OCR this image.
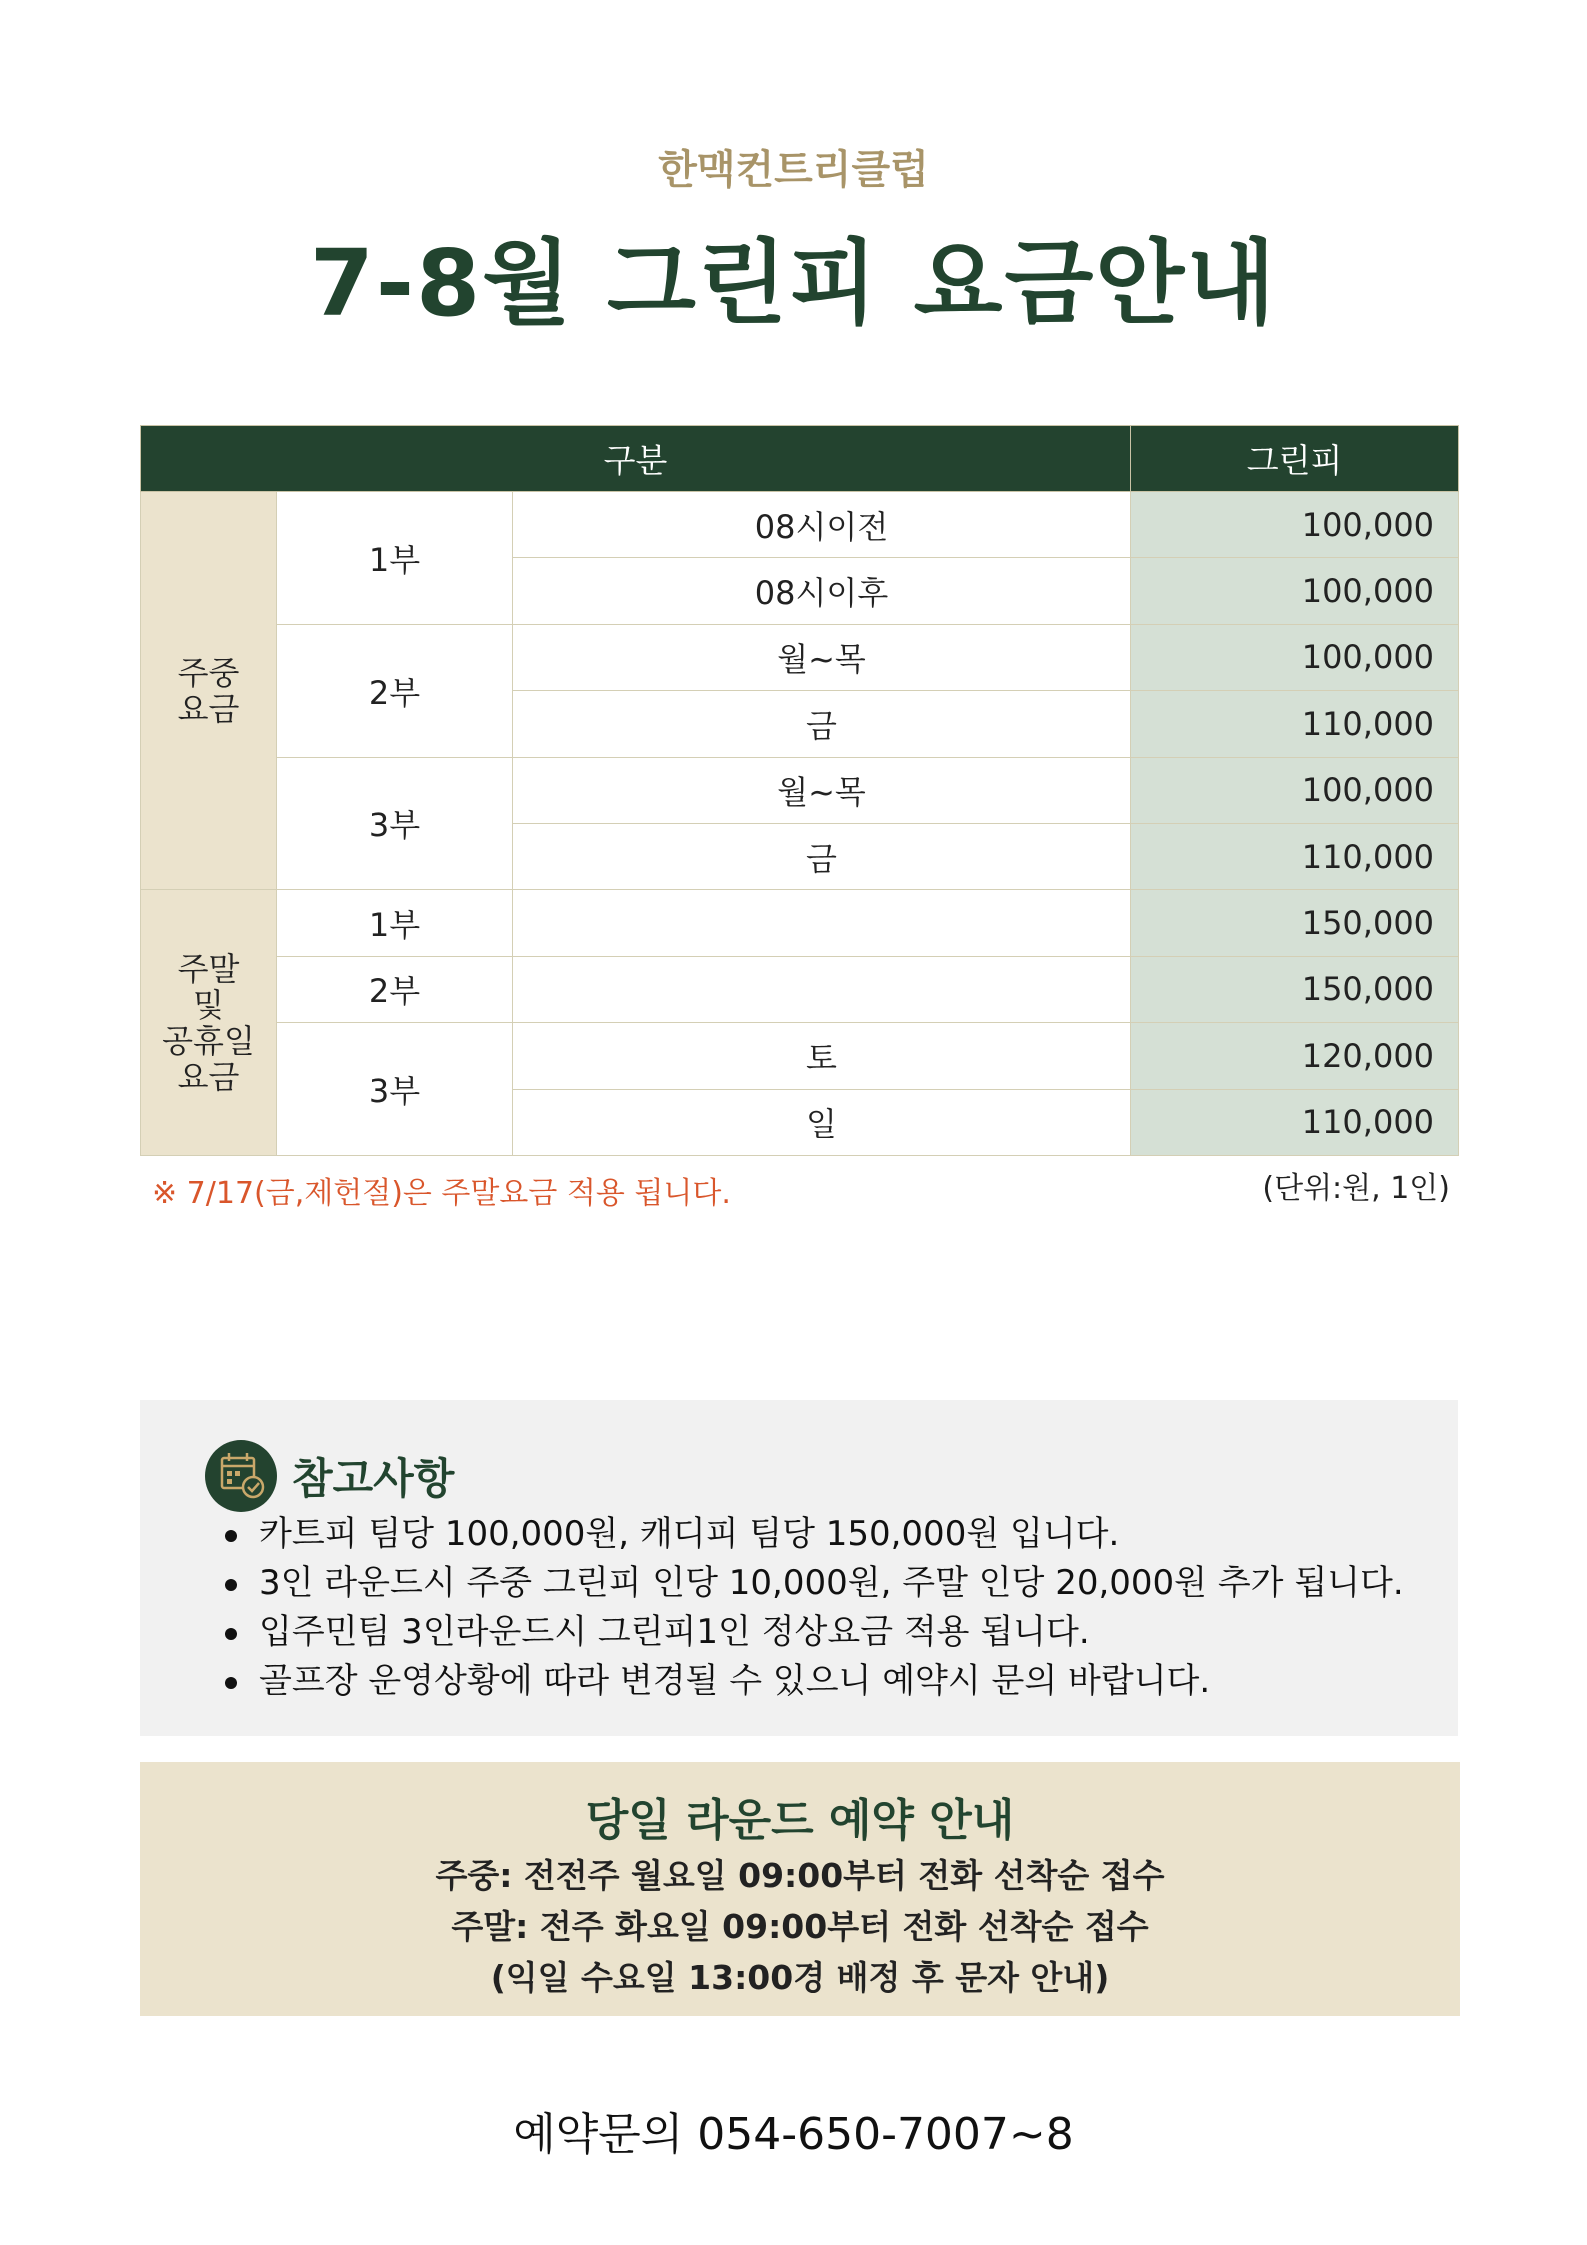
한맥컨트리클럽
7-8월 그린피 요금안내
구분			그린피
주중
요금	1부	08시이전	100,000
		08시이후	100,000
	2부	월~목	100,000
		금	110,000
	3부	월~목	100,000
		금	110,000
주말
및
공휴일
요금	1부		150,000
	2부		150,000
	3부	토	120,000
		일	110,000
※ 7/17(금,제헌절)은 주말요금 적용 됩니다.	(단위:원, 1인)
참고사항
카트피 팀당 100,000원, 캐디피 팀당 150,000원 입니다.
3인 라운드시 주중 그린피 인당 10,000원, 주말 인당 20,000원 추가 됩니다.
입주민팀 3인라운드시 그린피1인 정상요금 적용 됩니다.
골프장 운영상황에 따라 변경될 수 있으니 예약시 문의 바랍니다.
당일 라운드 예약 안내
주중: 전전주 월요일 09:00부터 전화 선착순 접수
주말: 전주 화요일 09:00부터 전화 선착순 접수
(익일 수요일 13:00경 배정 후 문자 안내)
예약문의 054-650-7007~8
